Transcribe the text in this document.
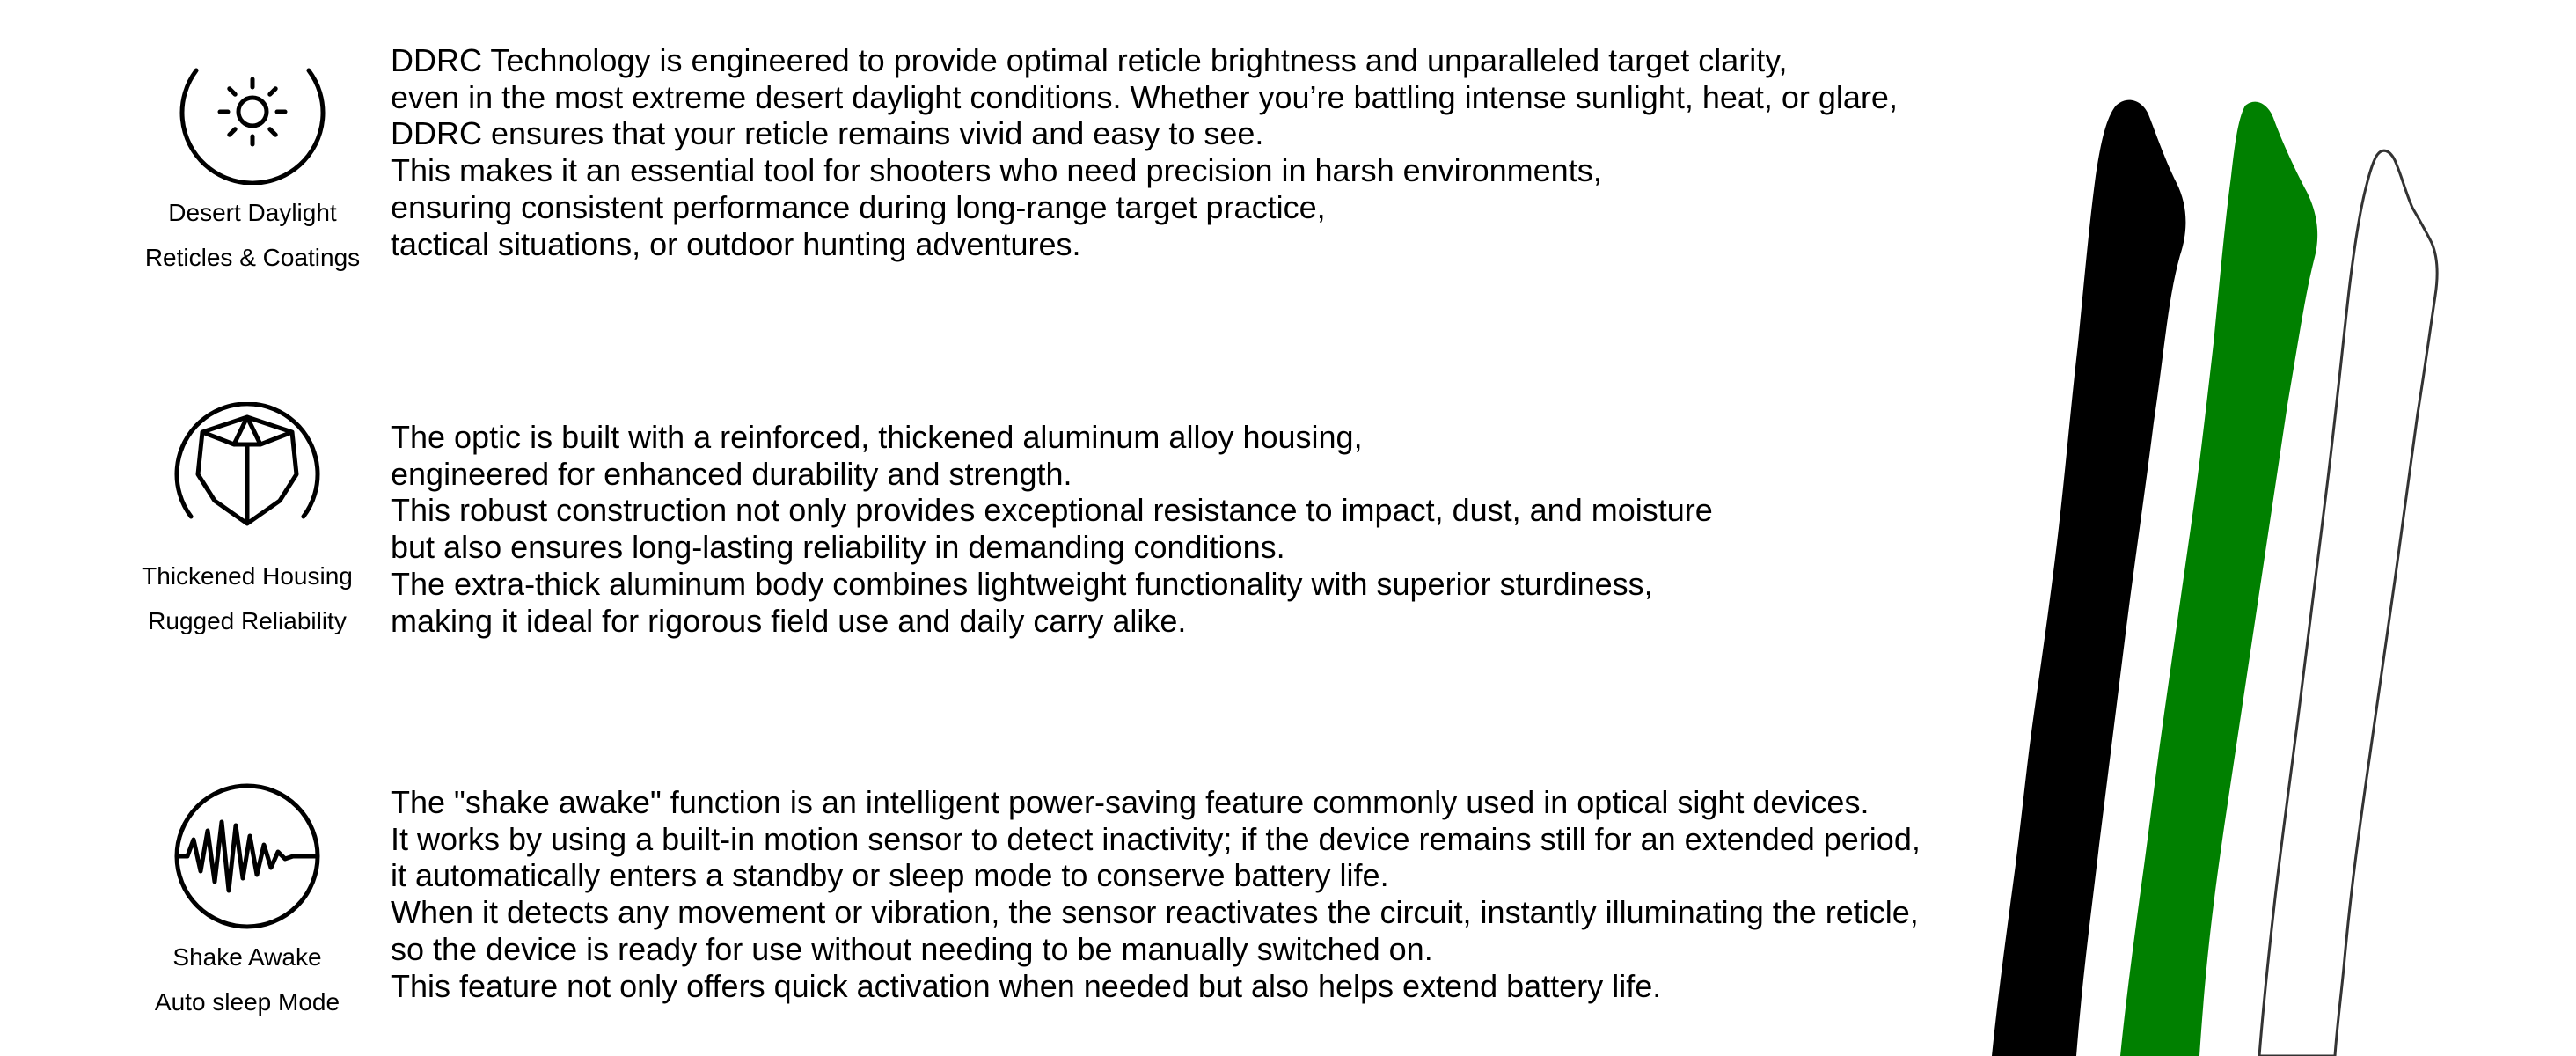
Desert Daylight
Reticles & Coatings
DDRC Technology is engineered to provide optimal reticle brightness and unparalleled target clarity,
even in the most extreme desert daylight conditions. Whether you’re battling intense sunlight, heat, or glare,
DDRC ensures that your reticle remains vivid and easy to see.
This makes it an essential tool for shooters who need precision in harsh environments,
ensuring consistent performance during long-range target practice,
tactical situations, or outdoor hunting adventures.
Thickened Housing
Rugged Reliability
The optic is built with a reinforced, thickened aluminum alloy housing,
engineered for enhanced durability and strength.
This robust construction not only provides exceptional resistance to impact, dust, and moisture
but also ensures long-lasting reliability in demanding conditions.
The extra-thick aluminum body combines lightweight functionality with superior sturdiness,
making it ideal for rigorous field use and daily carry alike.
Shake Awake
Auto sleep Mode
The "shake awake" function is an intelligent power-saving feature commonly used in optical sight devices.
It works by using a built-in motion sensor to detect inactivity; if the device remains still for an extended period,
it automatically enters a standby or sleep mode to conserve battery life.
When it detects any movement or vibration, the sensor reactivates the circuit, instantly illuminating the reticle,
so the device is ready for use without needing to be manually switched on.
This feature not only offers quick activation when needed but also helps extend battery life.
